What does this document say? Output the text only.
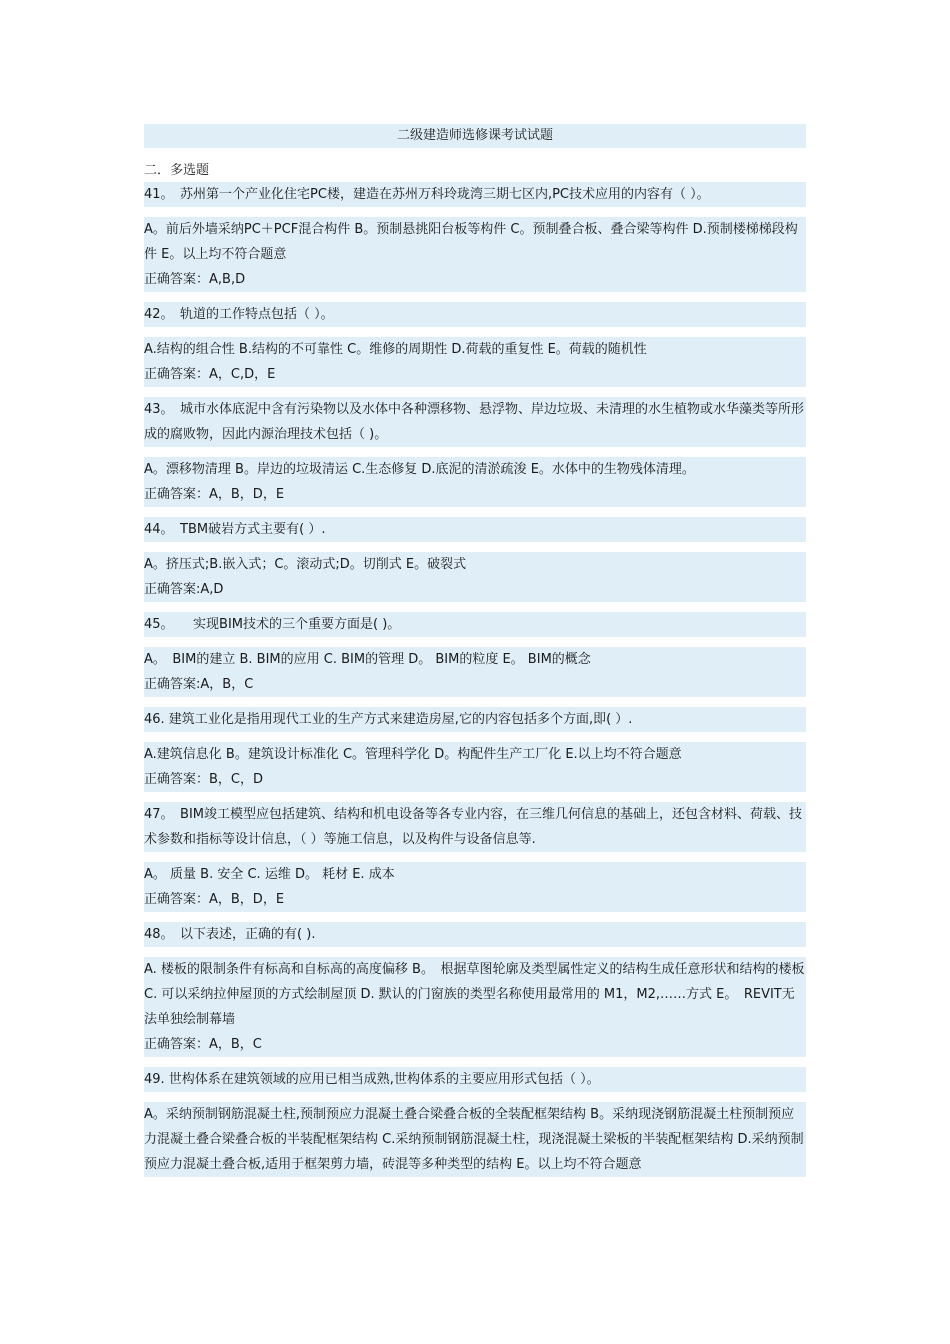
二级建造师选修课考试试题
二．多选题
41。　苏州第一个产业化住宅PC楼，建造在苏州万科玲珑湾三期七区内,PC技术应用的内容有（ ）。
A。前后外墙采纳PC＋PCF混合构件 B。预制悬挑阳台板等构件 C。预制叠合板、叠合梁等构件 D.预制楼梯梯段构件 E。以上均不符合题意
正确答案：A,B,D
42。　轨道的工作特点包括（ ）。
A.结构的组合性 B.结构的不可靠性 C。维修的周期性 D.荷载的重复性 E。荷载的随机性
正确答案：A，C,D，E
43。　城市水体底泥中含有污染物以及水体中各种漂移物、悬浮物、岸边垃圾、未清理的水生植物或水华藻类等所形成的腐败物，因此内源治理技术包括（ )。
A。漂移物清理 B。岸边的垃圾清运 C.生态修复 D.底泥的清淤疏浚 E。水体中的生物残体清理。
正确答案：A，B，D，E
44。　TBM破岩方式主要有( ）.
A。挤压式;B.嵌入式；C。滚动式;D。切削式 E。破裂式
正确答案:A,D
45。　　实现BIM技术的三个重要方面是( )。
A。　BIM的建立 B. BIM的应用 C. BIM的管理 D。 BIM的粒度 E。 BIM的概念
正确答案:A，B，C
46. 建筑工业化是指用现代工业的生产方式来建造房屋,它的内容包括多个方面,即( ）.
A.建筑信息化 B。建筑设计标准化 C。管理科学化 D。构配件生产工厂化 E.以上均不符合题意
正确答案：B，C，D
47。　BIM竣工模型应包括建筑、结构和机电设备等各专业内容，在三维几何信息的基础上，还包含材料、荷载、技术参数和指标等设计信息，（ ）等施工信息，以及构件与设备信息等.
A。 质量 B. 安全 C. 运维 D。 耗材 E. 成本
正确答案：A，B，D，E
48。　以下表述，正确的有( ).
A. 楼板的限制条件有标高和自标高的高度偏移 B。　根据草图轮廓及类型属性定义的结构生成任意形状和结构的楼板 C. 可以采纳拉伸屋顶的方式绘制屋顶 D. 默认的门窗族的类型名称使用最常用的 M1，M2,……方式 E。　REVIT无法单独绘制幕墙
正确答案：A，B，C
49. 世构体系在建筑领域的应用已相当成熟,世构体系的主要应用形式包括（ ）。
A。采纳预制钢筋混凝土柱,预制预应力混凝土叠合梁叠合板的全装配框架结构 B。采纳现浇钢筋混凝土柱预制预应力混凝土叠合梁叠合板的半装配框架结构 C.采纳预制钢筋混凝土柱，现浇混凝土梁板的半装配框架结构 D.采纳预制预应力混凝土叠合板,适用于框架剪力墙，砖混等多种类型的结构 E。以上均不符合题意
